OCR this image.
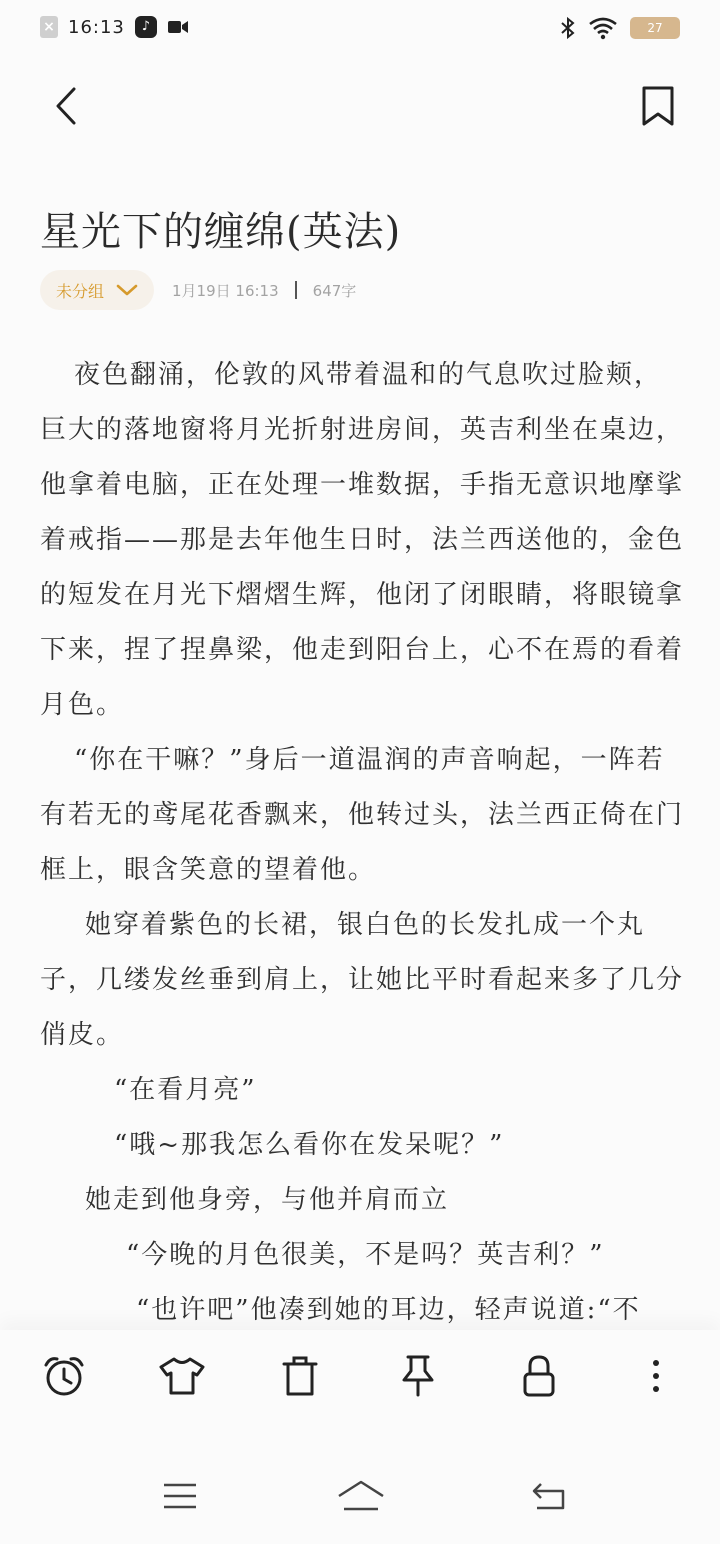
× 16:13	♪	27
星光下的缠绵(英法)
未分组	1月19日 16:13 647字

夜色翻涌，伦敦的风带着温和的气息吹过脸颊，巨大的落地窗将月光折射进房间，英吉利坐在桌边，他拿着电脑，正在处理一堆数据，手指无意识地摩挲着戒指——那是去年他生日时，法兰西送他的，金色的短发在月光下熠熠生辉，他闭了闭眼睛，将眼镜拿下来，捏了捏鼻梁，他走到阳台上，心不在焉的看着月色。

“你在干嘛？”身后一道温润的声音响起，一阵若有若无的鸢尾花香飘来，他转过头，法兰西正倚在门框上，眼含笑意的望着他。

她穿着紫色的长裙，银白色的长发扎成一个丸子，几缕发丝垂到肩上，让她比平时看起来多了几分俏皮。

“在看月亮”

“哦~那我怎么看你在发呆呢？”

她走到他身旁，与他并肩而立

“今晚的月色很美，不是吗？英吉利？”

“也许吧”他凑到她的耳边，轻声说道:“不
